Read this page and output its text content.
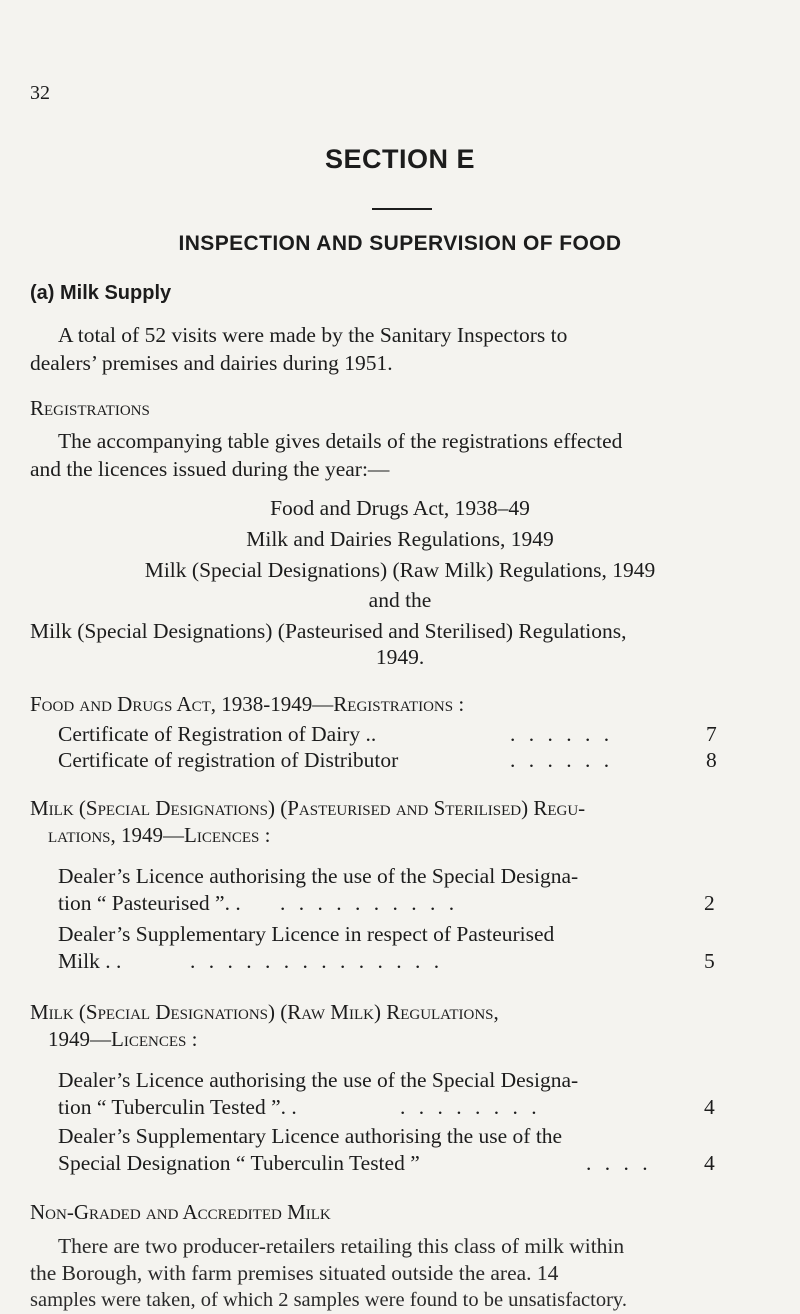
32
SECTION E
INSPECTION AND SUPERVISION OF FOOD
(a) Milk Supply
A total of 52 visits were made by the Sanitary Inspectors to
dealers’ premises and dairies during 1951.
Registrations
The accompanying table gives details of the registrations effected
and the licences issued during the year:—
Food and Drugs Act, 1938–49
Milk and Dairies Regulations, 1949
Milk (Special Designations) (Raw Milk) Regulations, 1949
and the
Milk (Special Designations) (Pasteurised and Sterilised) Regulations,
1949.
Food and Drugs Act, 1938-1949—Registrations :
Certificate of Registration of Dairy ..	. . . . . .	7
Certificate of registration of Distributor	. . . . . .	8
Milk (Special Designations) (Pasteurised and Sterilised) Regu-
lations, 1949—Licences :
Dealer’s Licence authorising the use of the Special Designa-
tion “ Pasteurised ”. . . . . . . . . . . .	2
Dealer’s Supplementary Licence in respect of Pasteurised
Milk . .	. . . . . . . . . . . . . .	5
Milk (Special Designations) (Raw Milk) Regulations,
1949—Licences :
Dealer’s Licence authorising the use of the Special Designa-
tion “ Tuberculin Tested ”. .	. . . . . . . .	4
Dealer’s Supplementary Licence authorising the use of the
Special Designation “ Tuberculin Tested ”	. . . . 4
Non-Graded and Accredited Milk
There are two producer-retailers retailing this class of milk within
the Borough, with farm premises situated outside the area. 14
samples were taken, of which 2 samples were found to be unsatisfactory.
